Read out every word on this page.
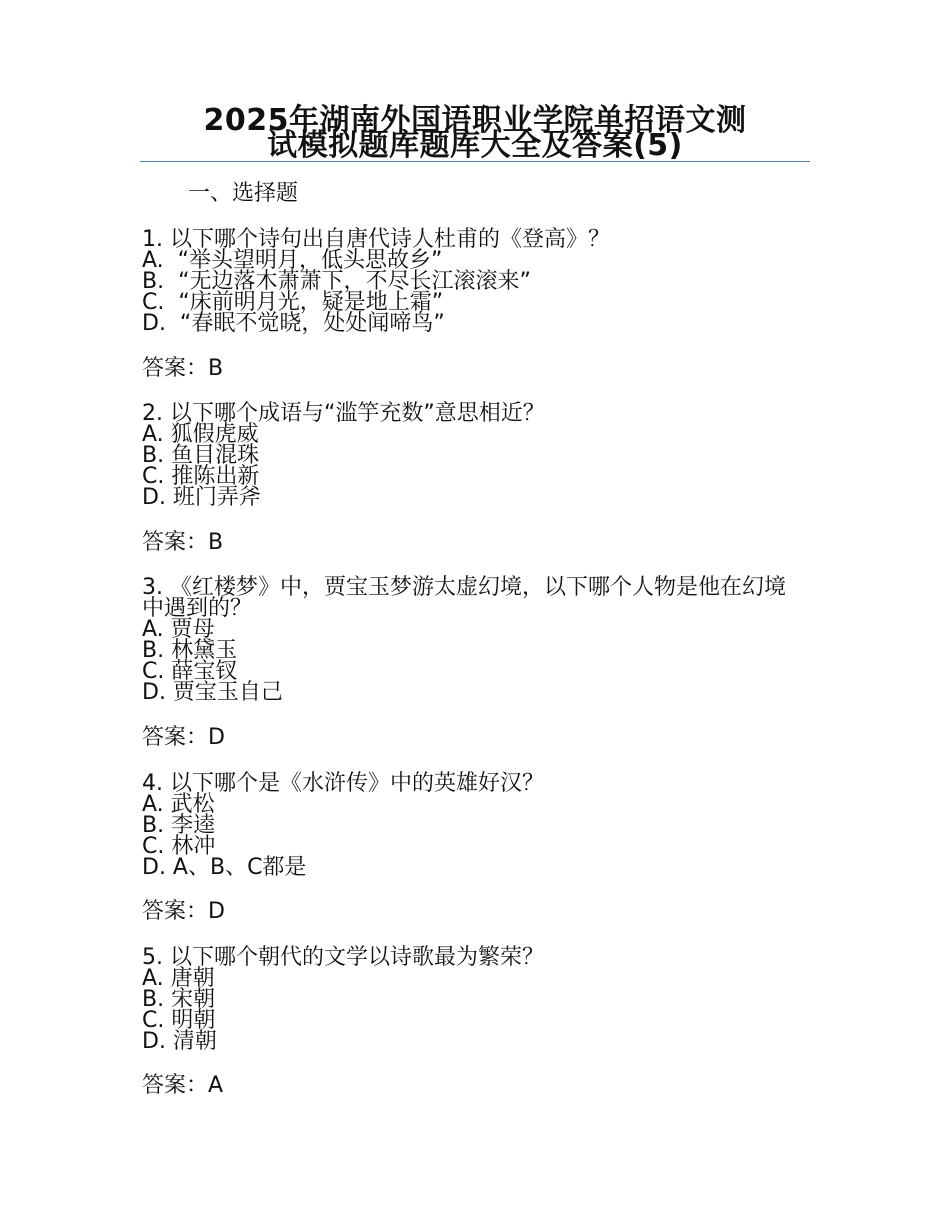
2025年湖南外国语职业学院单招语文测
试模拟题库题库大全及答案(5)
一、选择题
1. 以下哪个诗句出自唐代诗人杜甫的《登高》？
A.  “举头望明月，低头思故乡”
B.  “无边落木萧萧下，不尽长江滚滚来”
C.  “床前明月光，疑是地上霜”
D.  “春眠不觉晓，处处闻啼鸟”
答案：B
2. 以下哪个成语与“滥竽充数”意思相近？
A. 狐假虎威
B. 鱼目混珠
C. 推陈出新
D. 班门弄斧
答案：B
3. 《红楼梦》中，贾宝玉梦游太虚幻境，以下哪个人物是他在幻境中遇到的？
A. 贾母
B. 林黛玉
C. 薛宝钗
D. 贾宝玉自己
答案：D
4. 以下哪个是《水浒传》中的英雄好汉？
A. 武松
B. 李逵
C. 林冲
D. A、B、C都是
答案：D
5. 以下哪个朝代的文学以诗歌最为繁荣？
A. 唐朝
B. 宋朝
C. 明朝
D. 清朝
答案：A
